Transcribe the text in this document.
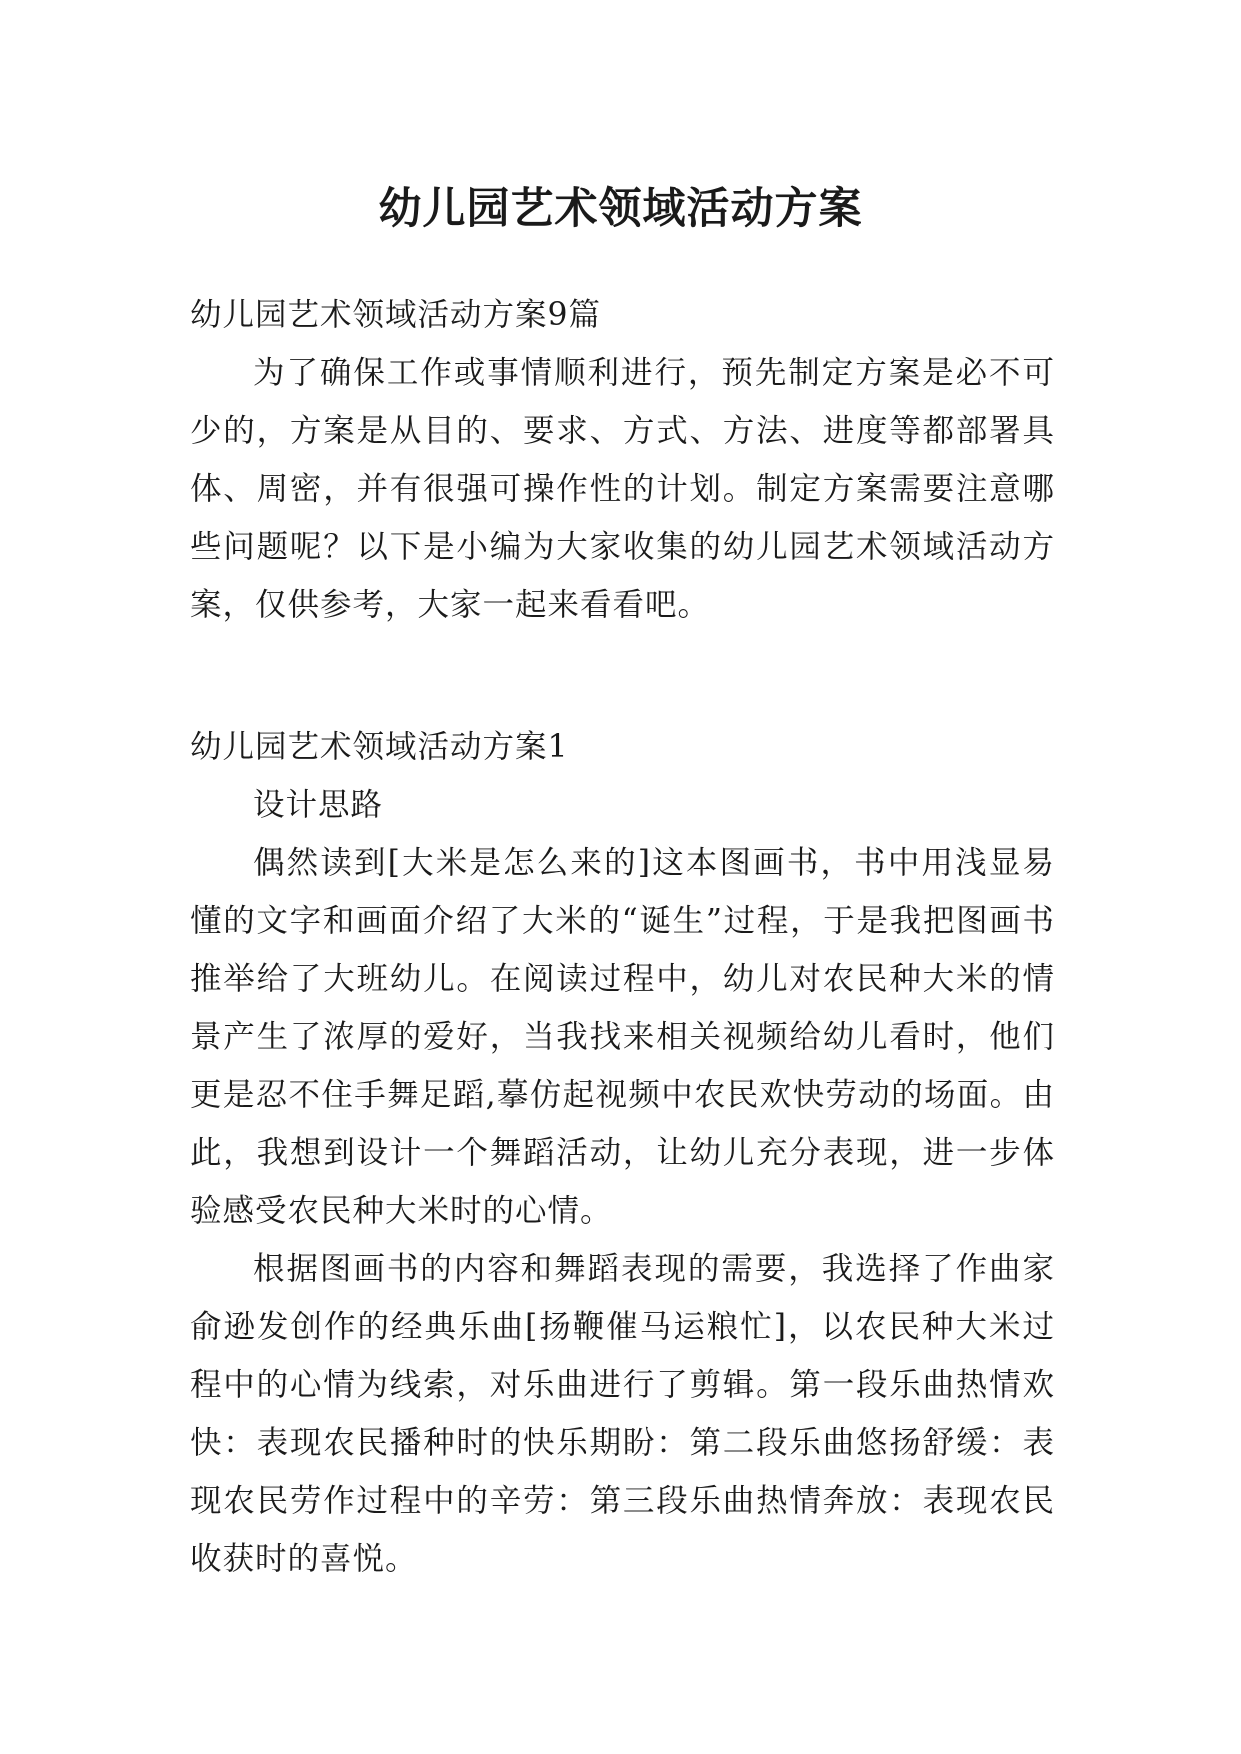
幼儿园艺术领域活动方案

幼儿园艺术领域活动方案9篇

为了确保工作或事情顺利进行，预先制定方案是必不可少的，方案是从目的、要求、方式、方法、进度等都部署具体、周密，并有很强可操作性的计划。制定方案需要注意哪些问题呢？以下是小编为大家收集的幼儿园艺术领域活动方案，仅供参考，大家一起来看看吧。

幼儿园艺术领域活动方案1

设计思路

偶然读到[大米是怎么来的]这本图画书，书中用浅显易懂的文字和画面介绍了大米的“诞生”过程，于是我把图画书推举给了大班幼儿。在阅读过程中，幼儿对农民种大米的情景产生了浓厚的爱好，当我找来相关视频给幼儿看时，他们更是忍不住手舞足蹈,摹仿起视频中农民欢快劳动的场面。由此，我想到设计一个舞蹈活动，让幼儿充分表现，进一步体验感受农民种大米时的心情。

根据图画书的内容和舞蹈表现的需要，我选择了作曲家俞逊发创作的经典乐曲[扬鞭催马运粮忙]，以农民种大米过程中的心情为线索，对乐曲进行了剪辑。第一段乐曲热情欢快：表现农民播种时的快乐期盼：第二段乐曲悠扬舒缓：表现农民劳作过程中的辛劳：第三段乐曲热情奔放：表现农民收获时的喜悦。
